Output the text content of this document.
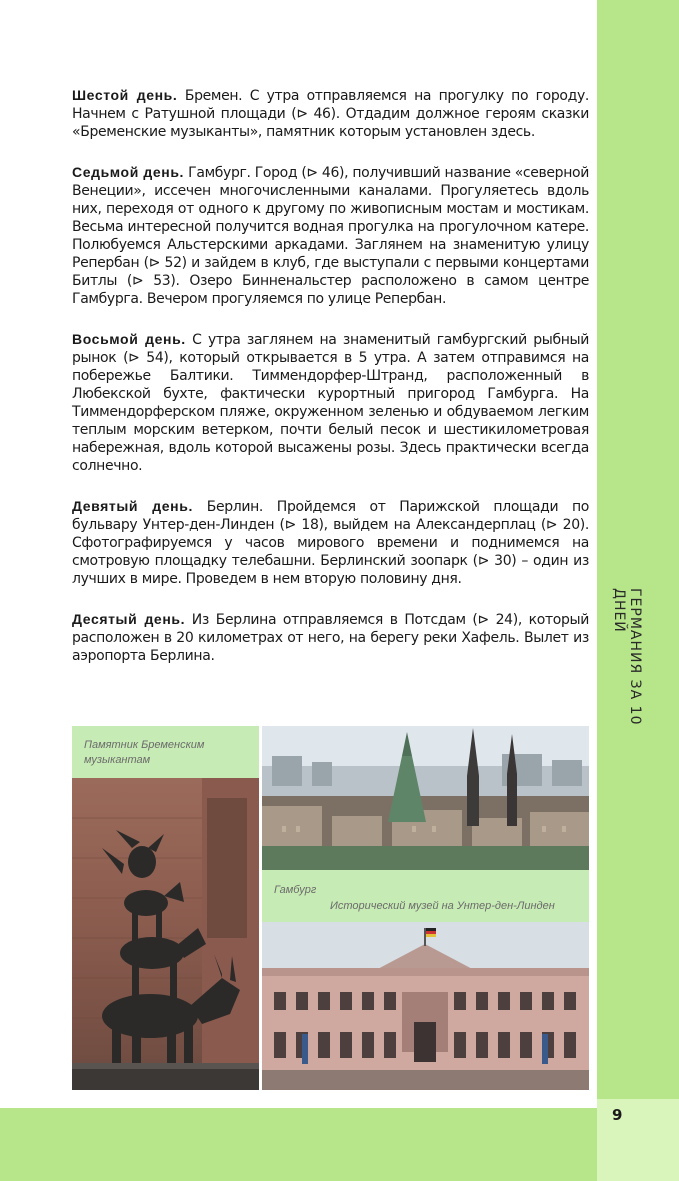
ГЕРМАНИЯ ЗА 10 ДНЕЙ
9

Шестой день. Бремен. С утра отправляемся на прогулку по городу. Начнем с Ратушной площади (⊳ 46). Отдадим должное героям сказки «Бременские музыканты», памятник которым установлен здесь.

Седьмой день. Гамбург. Город (⊳ 46), получивший название «северной Венеции», иссечен многочисленными каналами. Прогуляетесь вдоль них, переходя от одного к другому по живописным мостам и мостикам. Весьма интересной получится водная прогулка на прогулочном катере. Полюбуемся Альстерскими аркадами. Заглянем на знаменитую улицу Репербан (⊳ 52) и зайдем в клуб, где выступали с первыми концертами Битлы (⊳ 53). Озеро Бинненальстер расположено в самом центре Гамбурга. Вечером прогуляемся по улице Репербан.

Восьмой день. С утра заглянем на знаменитый гамбургский рыбный рынок (⊳ 54), который открывается в 5 утра. А затем отправимся на побережье Балтики. Тиммендорфер-Штранд, расположенный в Любекской бухте, фактически курортный пригород Гамбурга. На Тиммендорферском пляже, окруженном зеленью и обдуваемом легким теплым морским ветерком, почти белый песок и шестикилометровая набережная, вдоль которой высажены розы. Здесь практически всегда солнечно.

Девятый день. Берлин. Пройдемся от Парижской площади по бульвару Унтер-ден-Линден (⊳ 18), выйдем на Александерплац (⊳ 20). Сфотографируемся у часов мирового времени и поднимемся на смотровую площадку телебашни. Берлинский зоопарк (⊳ 30) – один из лучших в мире. Проведем в нем вторую половину дня.

Десятый день. Из Берлина отправляемся в Потсдам (⊳ 24), который расположен в 20 километрах от него, на берегу реки Хафель. Вылет из аэропорта Берлина.

Памятник Бременским музыкантам
Гамбург
Исторический музей на Унтер-ден-Линден
